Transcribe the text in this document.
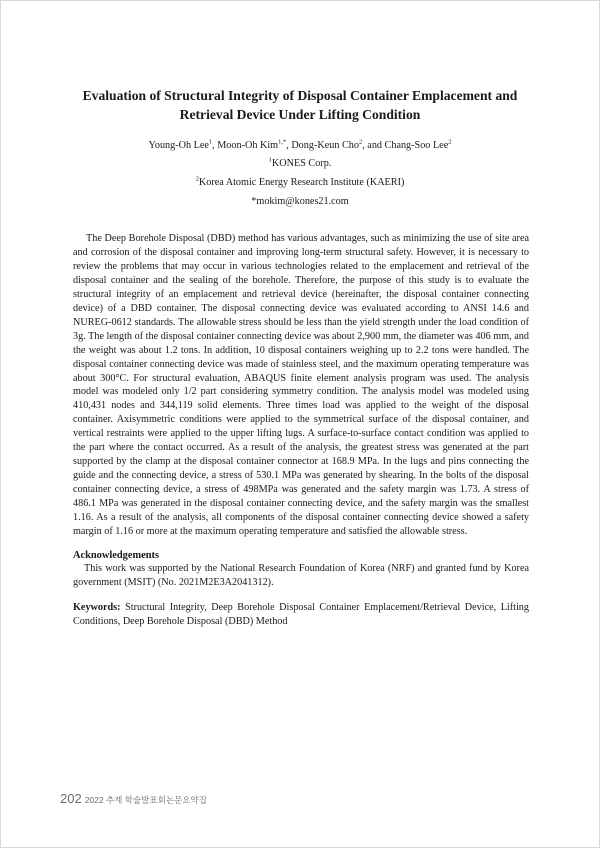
Evaluation of Structural Integrity of Disposal Container Emplacement and
Retrieval Device Under Lifting Condition
Young-Oh Lee$^1$, Moon-Oh Kim$^{1,*}$, Dong-Keun Cho$^2$, and Chang-Soo Lee$^2$
$^1$KONES Corp.
$^2$Korea Atomic Energy Research Institute (KAERI)
*mokim@kones21.com

The Deep Borehole Disposal (DBD) method has various advantages, such as minimizing the use of site area and corrosion of the disposal container and improving long-term structural safety. However, it is necessary to review the problems that may occur in various technologies related to the emplacement and retrieval of the disposal container and the sealing of the borehole. Therefore, the purpose of this study is to evaluate the structural integrity of an emplacement and retrieval device (hereinafter, the disposal container connecting device) of a DBD container. The disposal connecting device was evaluated according to ANSI 14.6 and NUREG-0612 standards. The allowable stress should be less than the yield strength under the load condition of 3g. The length of the disposal container connecting device was about 2,900 mm, the diameter was 406 mm, and the weight was about 1.2 tons. In addition, 10 disposal containers weighing up to 2.2 tons were handled. The disposal container connecting device was made of stainless steel, and the maximum operating temperature was about 300°C. For structural evaluation, ABAQUS finite element analysis program was used. The analysis model was modeled only 1/2 part considering symmetry condition. The analysis model was modeled using 410,431 nodes and 344,119 solid elements. Three times load was applied to the weight of the disposal container. Axisymmetric conditions were applied to the symmetrical surface of the disposal container, and vertical restraints were applied to the upper lifting lugs. A surface-to-surface contact condition was applied to the part where the contact occurred. As a result of the analysis, the greatest stress was generated at the part supported by the clamp at the disposal container connector at 168.9 MPa. In the lugs and pins connecting the guide and the connecting device, a stress of 530.1 MPa was generated by shearing. In the bolts of the disposal container connecting device, a stress of 498MPa was generated and the safety margin was 1.73. A stress of 486.1 MPa was generated in the disposal container connecting device, and the safety margin was the smallest 1.16. As a result of the analysis, all components of the disposal container connecting device showed a safety margin of 1.16 or more at the maximum operating temperature and satisfied the allowable stress.

Acknowledgements

This work was supported by the National Research Foundation of Korea (NRF) and granted fund by Korea government (MSIT) (No. 2021M2E3A2041312).

Keywords: Structural Integrity, Deep Borehole Disposal Container Emplacement/Retrieval Device, Lifting Conditions, Deep Borehole Disposal (DBD) Method

202 2022 추계 학술발표회논문요약집
